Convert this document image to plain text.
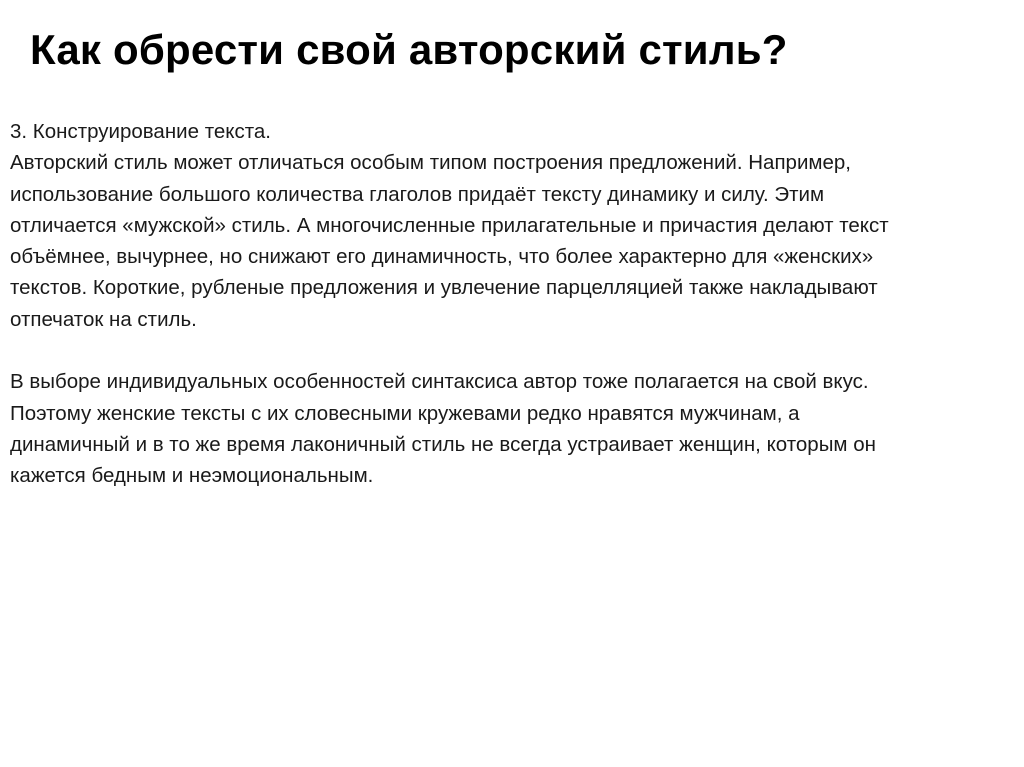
Как обрести свой авторский стиль?

3. Конструирование текста.
Авторский стиль может отличаться особым типом построения предложений. Например,
использование большого количества глаголов придаёт тексту динамику и силу. Этим
отличается «мужской» стиль. А многочисленные прилагательные и причастия делают текст
объёмнее, вычурнее, но снижают его динамичность, что более характерно для «женских»
текстов. Короткие, рубленые предложения и увлечение парцелляцией также накладывают
отпечаток на стиль.

В выборе индивидуальных особенностей синтаксиса автор тоже полагается на свой вкус.
Поэтому женские тексты с их словесными кружевами редко нравятся мужчинам, а
динамичный и в то же время лаконичный стиль не всегда устраивает женщин, которым он
кажется бедным и неэмоциональным.
